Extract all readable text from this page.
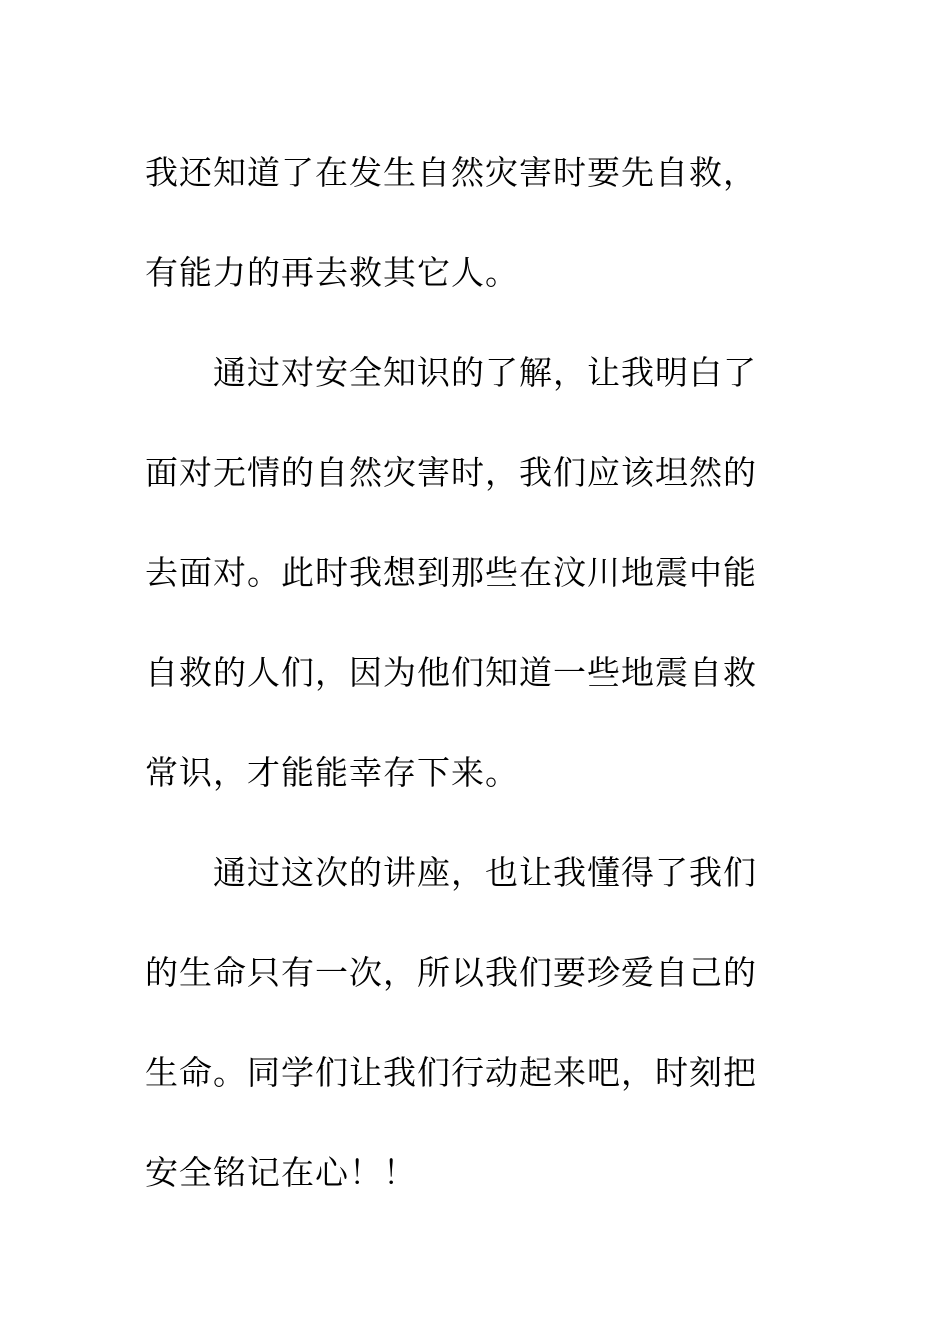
我还知道了在发生自然灾害时要先自救，
有能力的再去救其它人。
通过对安全知识的了解，让我明白了
面对无情的自然灾害时，我们应该坦然的
去面对。此时我想到那些在汶川地震中能
自救的人们，因为他们知道一些地震自救
常识，才能能幸存下来。
通过这次的讲座，也让我懂得了我们
的生命只有一次，所以我们要珍爱自己的
生命。同学们让我们行动起来吧，时刻把
安全铭记在心！！
